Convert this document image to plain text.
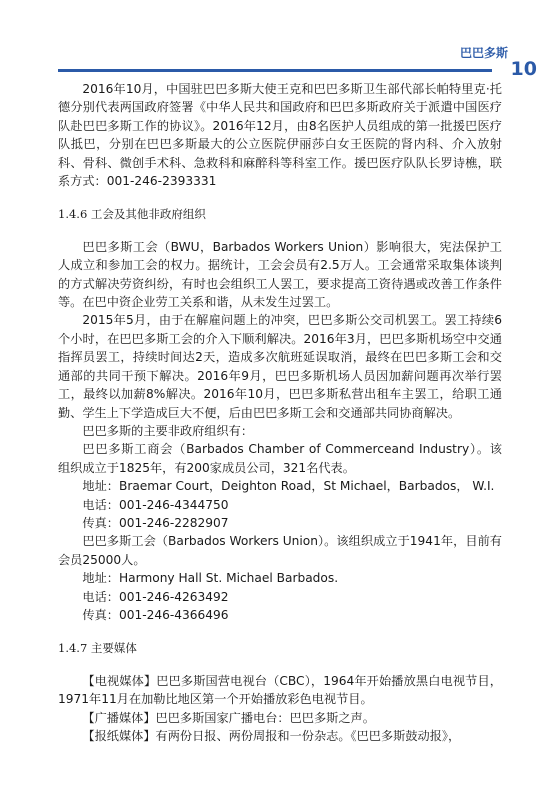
巴巴多斯
10

2016年10月，中国驻巴巴多斯大使王克和巴巴多斯卫生部代部长帕特里克·托德分别代表两国政府签署《中华人民共和国政府和巴巴多斯政府关于派遣中国医疗队赴巴巴多斯工作的协议》。2016年12月，由8名医护人员组成的第一批援巴医疗队抵巴，分别在巴巴多斯最大的公立医院伊丽莎白女王医院的肾内科、介入放射科、骨科、微创手术科、急救科和麻醉科等科室工作。援巴医疗队队长罗诗樵，联系方式：001-246-2393331

1.4.6 工会及其他非政府组织

巴巴多斯工会（BWU，Barbados Workers Union）影响很大，宪法保护工人成立和参加工会的权力。据统计，工会会员有2.5万人。工会通常采取集体谈判的方式解决劳资纠纷，有时也会组织工人罢工，要求提高工资待遇或改善工作条件等。在巴中资企业劳工关系和谐，从未发生过罢工。

2015年5月，由于在解雇问题上的冲突，巴巴多斯公交司机罢工。罢工持续6个小时，在巴巴多斯工会的介入下顺利解决。2016年3月，巴巴多斯机场空中交通指挥员罢工，持续时间达2天，造成多次航班延误取消，最终在巴巴多斯工会和交通部的共同干预下解决。2016年9月，巴巴多斯机场人员因加薪问题再次举行罢工，最终以加薪8%解决。2016年10月，巴巴多斯私营出租车主罢工，给职工通勤、学生上下学造成巨大不便，后由巴巴多斯工会和交通部共同协商解决。

巴巴多斯的主要非政府组织有：

巴巴多斯工商会（Barbados Chamber of Commerceand Industry）。该组织成立于1825年，有200家成员公司，321名代表。

地址：Braemar Court，Deighton Road，St Michael，Barbados， W.I.

电话：001-246-4344750

传真：001-246-2282907

巴巴多斯工会（Barbados Workers Union）。该组织成立于1941年，目前有会员25000人。

地址：Harmony Hall St. Michael Barbados.

电话：001-246-4263492

传真：001-246-4366496

1.4.7 主要媒体

【电视媒体】巴巴多斯国营电视台（CBC），1964年开始播放黑白电视节目，1971年11月在加勒比地区第一个开始播放彩色电视节目。

【广播媒体】巴巴多斯国家广播电台：巴巴多斯之声。

【报纸媒体】有两份日报、两份周报和一份杂志。《巴巴多斯鼓动报》，
